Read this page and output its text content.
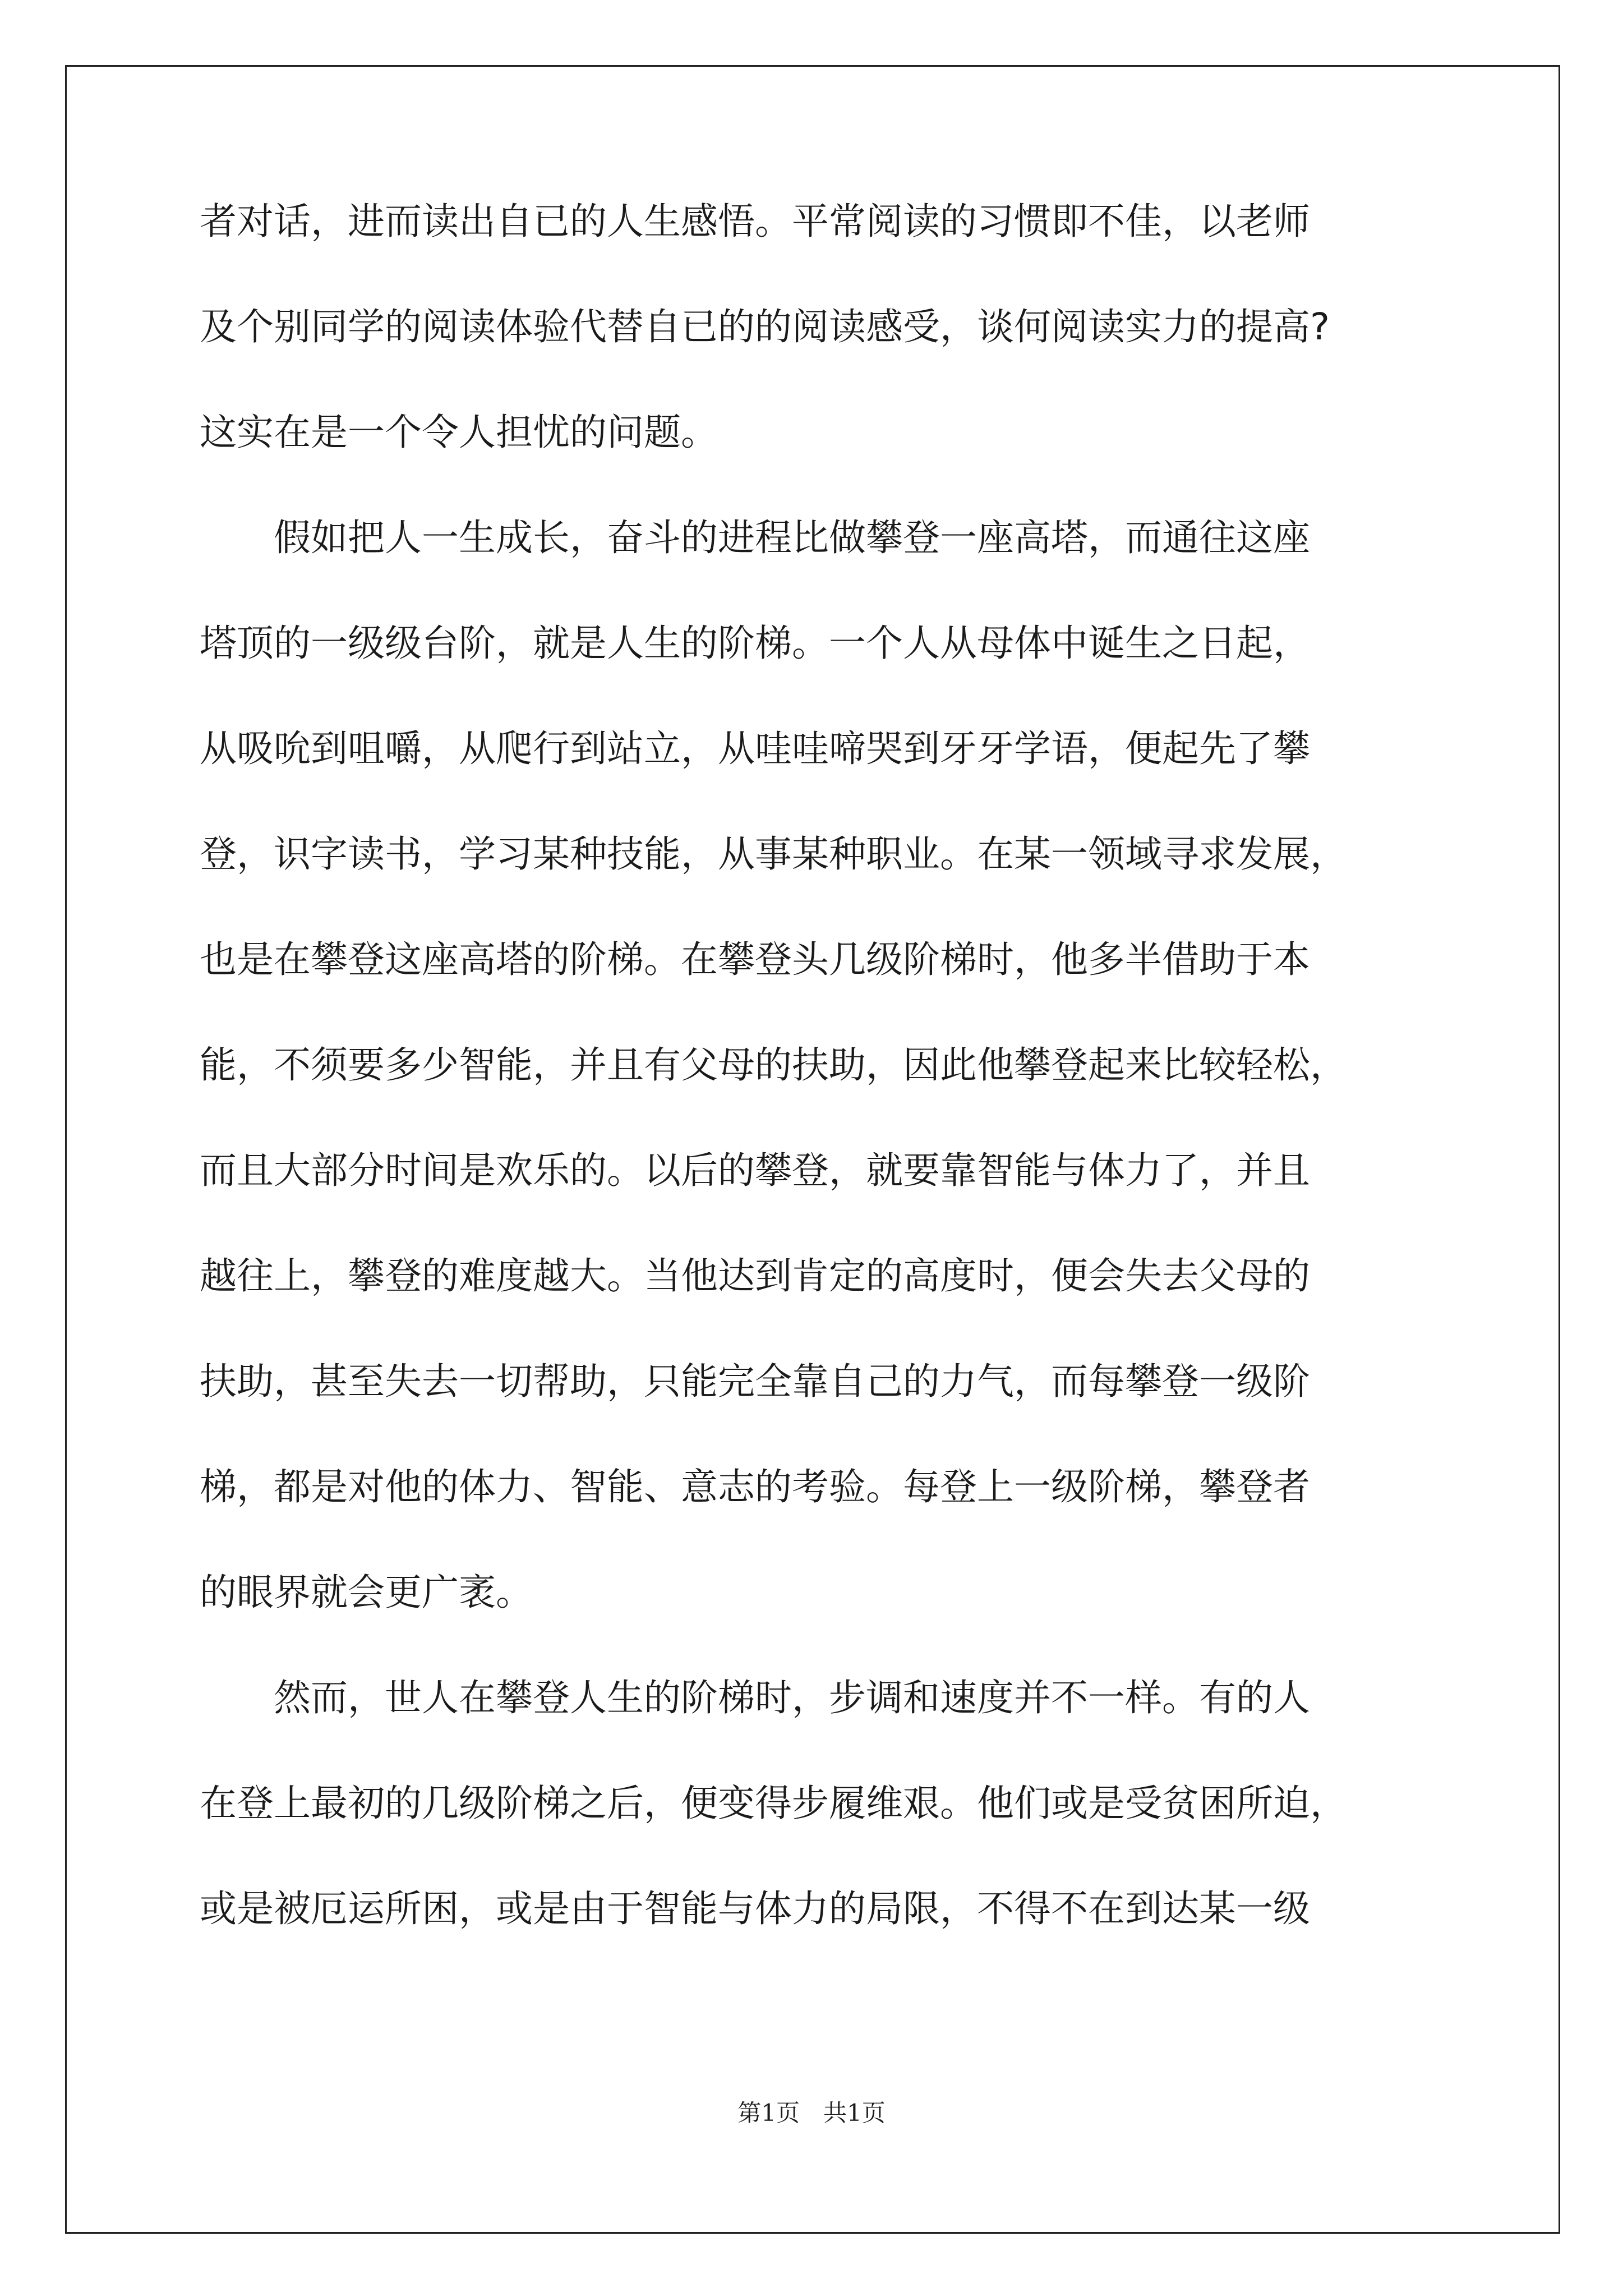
者对话，进而读出自已的人生感悟。平常阅读的习惯即不佳，以老师
及个别同学的阅读体验代替自已的的阅读感受，谈何阅读实力的提高?
这实在是一个令人担忧的问题。
　　假如把人一生成长，奋斗的进程比做攀登一座高塔，而通往这座
塔顶的一级级台阶，就是人生的阶梯。一个人从母体中诞生之日起，
从吸吮到咀嚼，从爬行到站立，从哇哇啼哭到牙牙学语，便起先了攀
登，识字读书，学习某种技能，从事某种职业。在某一领域寻求发展，
也是在攀登这座高塔的阶梯。在攀登头几级阶梯时，他多半借助于本
能，不须要多少智能，并且有父母的扶助，因此他攀登起来比较轻松，
而且大部分时间是欢乐的。以后的攀登，就要靠智能与体力了，并且
越往上，攀登的难度越大。当他达到肯定的高度时，便会失去父母的
扶助，甚至失去一切帮助，只能完全靠自己的力气，而每攀登一级阶
梯，都是对他的体力、智能、意志的考验。每登上一级阶梯，攀登者
的眼界就会更广袤。
　　然而，世人在攀登人生的阶梯时，步调和速度并不一样。有的人
在登上最初的几级阶梯之后，便变得步履维艰。他们或是受贫困所迫，
或是被厄运所困，或是由于智能与体力的局限，不得不在到达某一级
第1页　共1页
